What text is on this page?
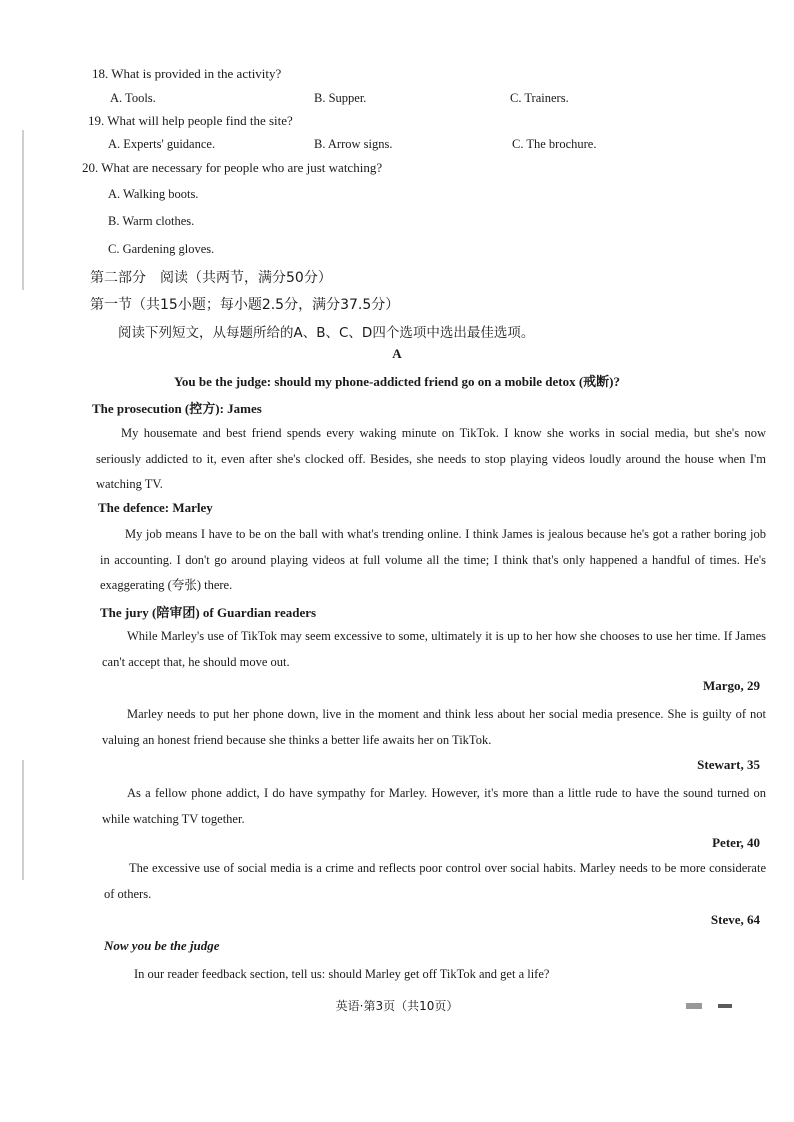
18. What is provided in the activity?
A. Tools.	B. Supper.	C. Trainers.
19. What will help people find the site?
A. Experts' guidance.	B. Arrow signs.	C. The brochure.
20. What are necessary for people who are just watching?
A. Walking boots.
B. Warm clothes.
C. Gardening gloves.
第二部分　阅读（共两节，满分50分）
第一节（共15小题；每小题2.5分，满分37.5分）
阅读下列短文，从每题所给的A、B、C、D四个选项中选出最佳选项。
A
You be the judge: should my phone-addicted friend go on a mobile detox (戒断)?
The prosecution (控方): James
My housemate and best friend spends every waking minute on TikTok. I know she works in social media, but she's now seriously addicted to it, even after she's clocked off. Besides, she needs to stop playing videos loudly around the house when I'm watching TV.
The defence: Marley
My job means I have to be on the ball with what's trending online. I think James is jealous because he's got a rather boring job in accounting. I don't go around playing videos at full volume all the time; I think that's only happened a handful of times. He's exaggerating (夸张) there.
The jury (陪审团) of Guardian readers
While Marley's use of TikTok may seem excessive to some, ultimately it is up to her how she chooses to use her time. If James can't accept that, he should move out.
Margo, 29
Marley needs to put her phone down, live in the moment and think less about her social media presence. She is guilty of not valuing an honest friend because she thinks a better life awaits her on TikTok.
Stewart, 35
As a fellow phone addict, I do have sympathy for Marley. However, it's more than a little rude to have the sound turned on while watching TV together.
Peter, 40
The excessive use of social media is a crime and reflects poor control over social habits. Marley needs to be more considerate of others.
Steve, 64
Now you be the judge
In our reader feedback section, tell us: should Marley get off TikTok and get a life?
英语·第3页（共10页）
